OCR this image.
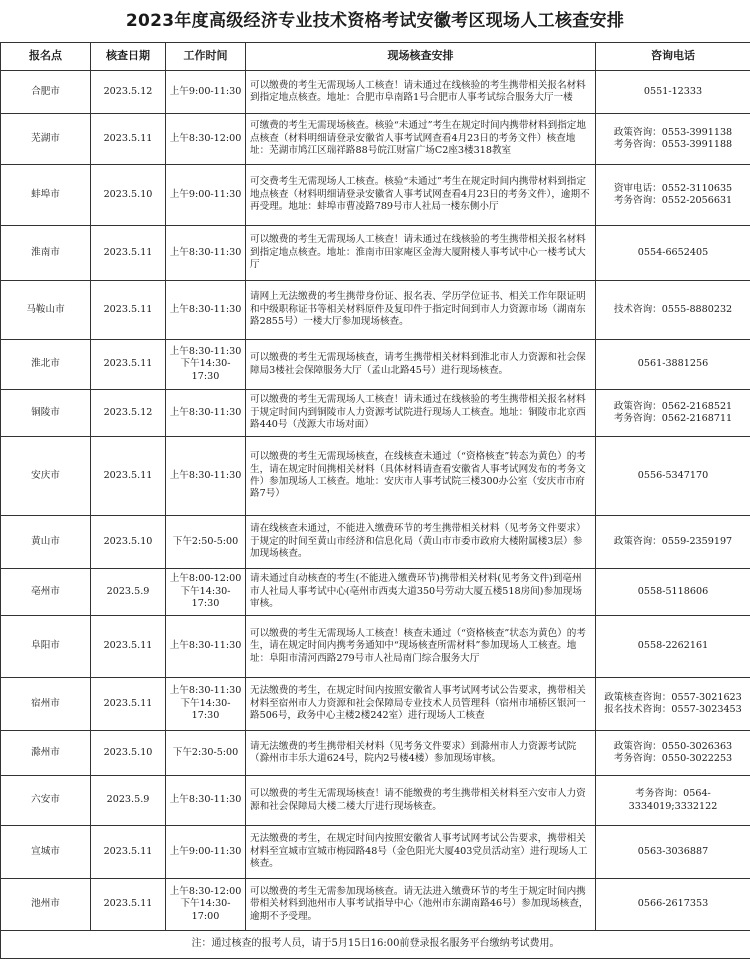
2023年度高级经济专业技术资格考试安徽考区现场人工核查安排
报名点	核查日期	工作时间	现场核查安排	咨询电话
合肥市	2023.5.12	上午9:00-11:30	可以缴费的考生无需现场人工核查！请未通过在线核验的考生携带相关报名材料到指定地点核查。地址：合肥市阜南路1号合肥市人事考试综合服务大厅一楼	0551-12333
芜湖市	2023.5.11	上午8:30-12:00	可缴费的考生无需现场核查。核验“未通过”考生在规定时间内携带材料到指定地点核查（材料明细请登录安徽省人事考试网查看4月23日的考务文件）核查地址：芜湖市鸠江区瑞祥路88号皖江财富广场C2座3楼318教室	政策咨询：0553-3991138
考务咨询：0553-3991188
蚌埠市	2023.5.10	上午9:00-11:30	可交费考生无需现场人工核查。核验“未通过”考生在规定时间内携带材料到指定地点核查（材料明细请登录安徽省人事考试网查看4月23日的考务文件），逾期不再受理。地址：蚌埠市曹凌路789号市人社局一楼东侧小厅	资审电话：0552-3110635
考务咨询：0552-2056631
淮南市	2023.5.11	上午8:30-11:30	可以缴费的考生无需现场人工核查！请未通过在线核验的考生携带相关报名材料到指定地点核查。地址：淮南市田家庵区金海大厦附楼人事考试中心一楼考试大厅	0554-6652405
马鞍山市	2023.5.11	上午8:30-11:30	请网上无法缴费的考生携带身份证、报名表、学历学位证书、相关工作年限证明和中级职称证书等相关材料原件及复印件于指定时间到市人力资源市场（湖南东路2855号）一楼大厅参加现场核查。	技术咨询：0555-8880232
淮北市	2023.5.11	上午8:30-11:30
下午14:30-
17:30	可以缴费的考生无需现场核查，请考生携带相关材料到淮北市人力资源和社会保障局3楼社会保障服务大厅（孟山北路45号）进行现场核查。	0561-3881256
铜陵市	2023.5.12	上午8:30-11:30	可以缴费的考生无需现场人工核查！请未通过在线核验的考生携带相关报名材料于规定时间内到铜陵市人力资源考试院进行现场人工核查。地址：铜陵市北京西路440号（茂源大市场对面）	政策咨询：0562-2168521
考务咨询：0562-2168711
安庆市	2023.5.11	上午8:30-11:30	可以缴费的考生无需现场核查，在线核查未通过（“资格核查”转态为黄色）的考生，请在规定时间携相关材料（具体材料请查看安徽省人事考试网发布的考务文件）参加现场人工核查。地址：安庆市人事考试院三楼300办公室（安庆市市府路7号）	0556-5347170
黄山市	2023.5.10	下午2:50-5:00	请在线核查未通过，不能进入缴费环节的考生携带相关材料（见考务文件要求）于规定的时间至黄山市经济和信息化局（黄山市市委市政府大楼附属楼3层）参加现场核查。	政策咨询：0559-2359197
亳州市	2023.5.9	上午8:00-12:00
下午14:30-
17:30	请未通过自动核查的考生(不能进入缴费环节)携带相关材料(见考务文件)到亳州市人社局人事考试中心(亳州市西夷大道350号劳动大厦五楼518房间)参加现场审核。	0558-5118606
阜阳市	2023.5.11	上午8:30-11:30	可以缴费的考生无需现场人工核查！核查未通过（“资格核查”状态为黄色）的考生，请在规定时间内携考务通知中“现场核查所需材料”参加现场人工核查。地址：阜阳市清河西路279号市人社局南门综合服务大厅	0558-2262161
宿州市	2023.5.11	上午8:30-11:30
下午14:30-
17:30	无法缴费的考生，在规定时间内按照安徽省人事考试网考试公告要求，携带相关材料至宿州市人力资源和社会保障局专业技术人员管理科（宿州市埇桥区银河一路506号，政务中心主楼2楼242室）进行现场人工核查	政策核查咨询：0557-3021623
报名技术咨询：0557-3023453
滁州市	2023.5.10	下午2:30-5:00	请无法缴费的考生携带相关材料（见考务文件要求）到滁州市人力资源考试院（滁州市丰乐大道624号，院内2号楼4楼）参加现场审核。	政策咨询：0550-3026363
考务咨询：0550-3022253
六安市	2023.5.9	上午8:30-11:30	可以缴费的考生无需现场核查！请不能缴费的考生携带相关材料至六安市人力资源和社会保障局大楼二楼大厅进行现场核查。	考务咨询：0564-3334019;3332122
宣城市	2023.5.11	上午9:00-11:30	无法缴费的考生，在规定时间内按照安徽省人事考试网考试公告要求，携带相关材料至宣城市宣城市梅园路48号（金色阳光大厦403党员活动室）进行现场人工核查。	0563-3036887
池州市	2023.5.11	上午8:30-12:00
下午14:30-
17:00	可以缴费的考生无需参加现场核查。请无法进入缴费环节的考生于规定时间内携带相关材料到池州市人事考试指导中心（池州市东湖南路46号）参加现场核查，逾期不予受理。	0566-2617353
注：通过核查的报考人员，请于5月15日16:00前登录报名服务平台缴纳考试费用。				
